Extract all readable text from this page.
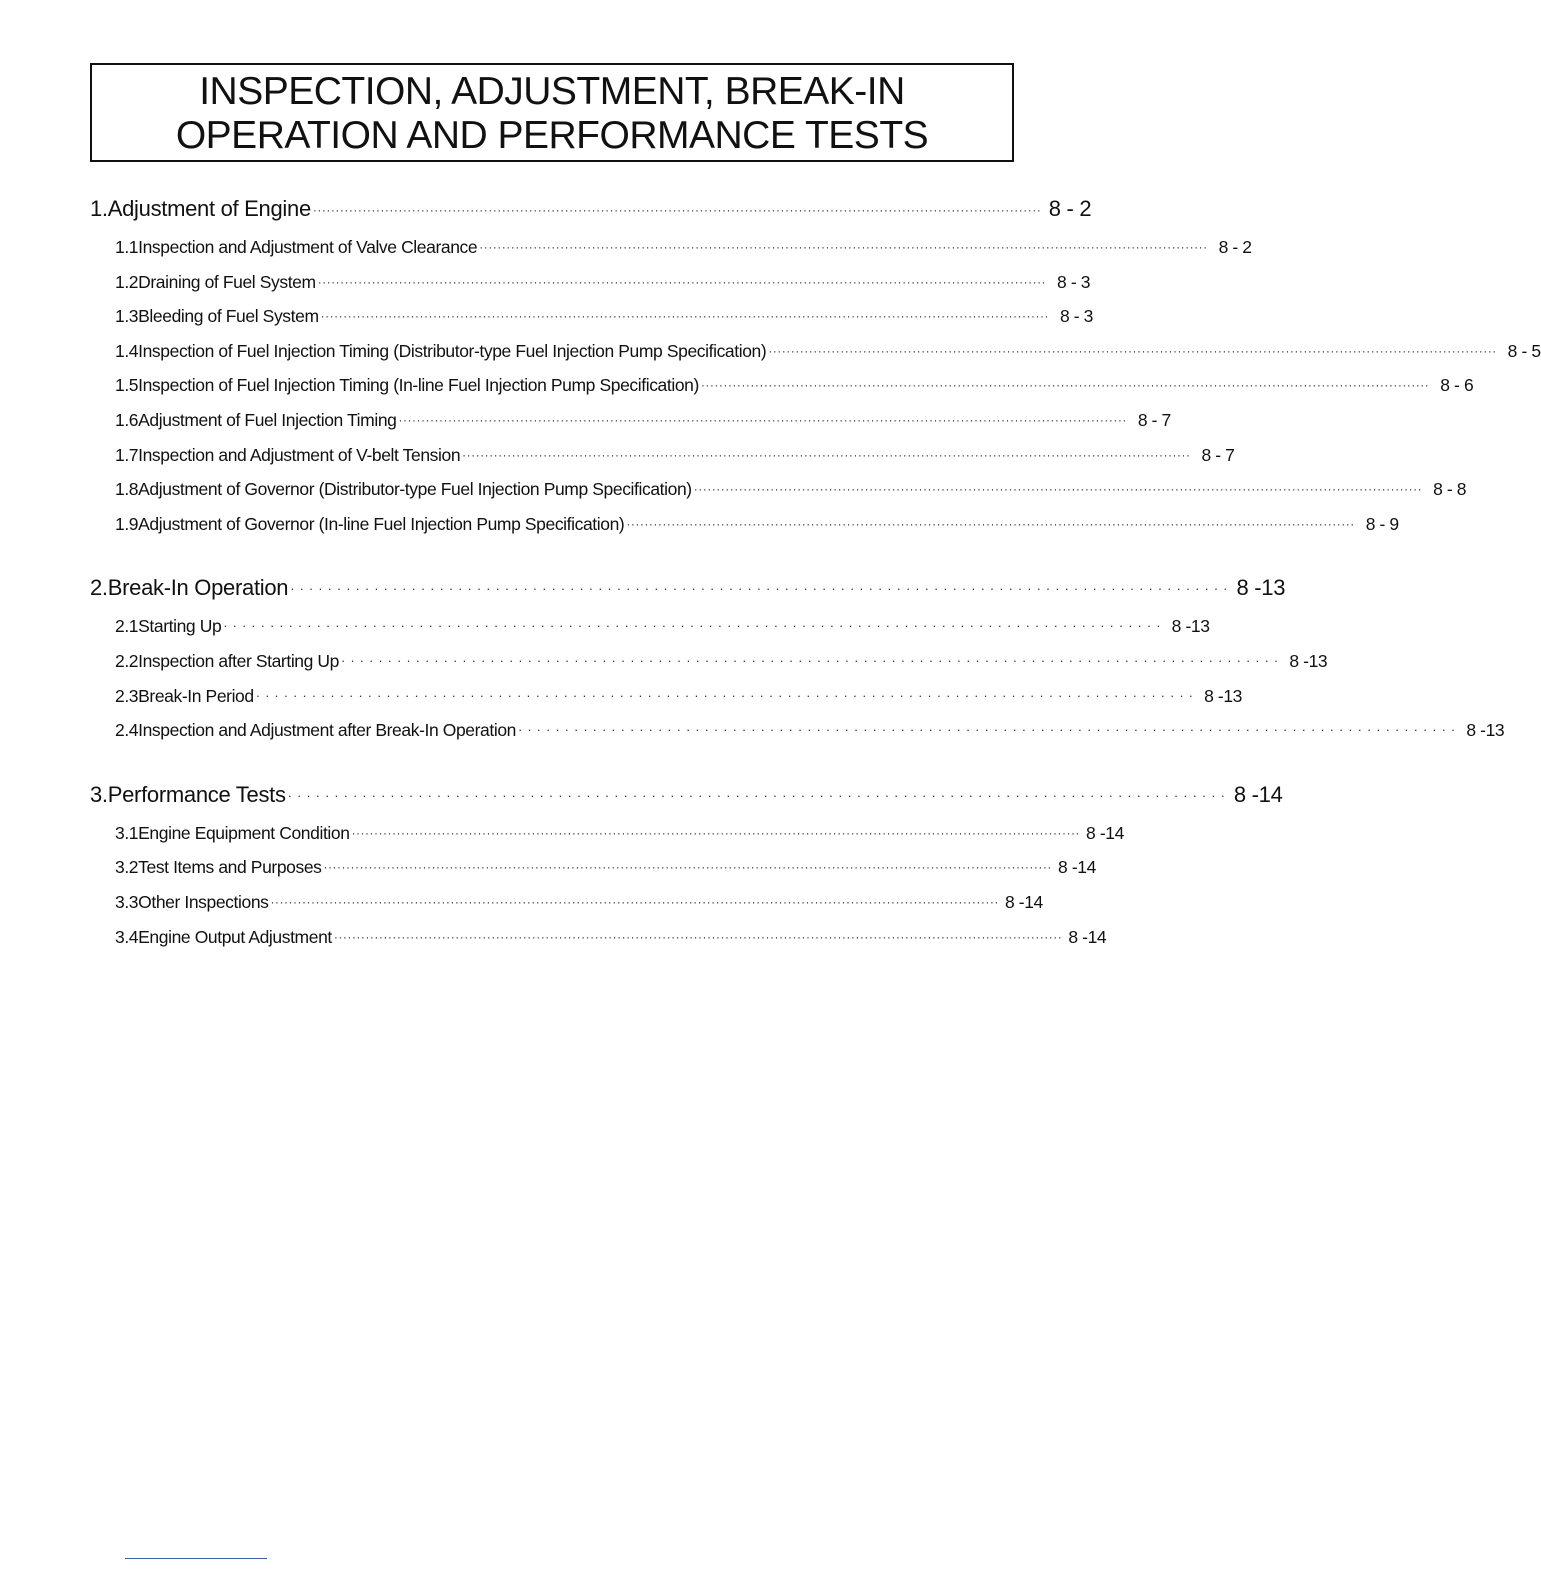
INSPECTION, ADJUSTMENT, BREAK-IN
OPERATION AND PERFORMANCE TESTS
1. Adjustment of Engine ·································································································································································· 8 - 2
1.1 Inspection and Adjustment of Valve Clearance ·································································································································································· 8 - 2
1.2 Draining of Fuel System ·································································································································································· 8 - 3
1.3 Bleeding of Fuel System ·································································································································································· 8 - 3
1.4 Inspection of Fuel Injection Timing (Distributor-type Fuel Injection Pump Specification) ·································································································································································· 8 - 5
1.5 Inspection of Fuel Injection Timing (In-line Fuel Injection Pump Specification) ·································································································································································· 8 - 6
1.6 Adjustment of Fuel Injection Timing ·································································································································································· 8 - 7
1.7 Inspection and Adjustment of V-belt Tension ·································································································································································· 8 - 7
1.8 Adjustment of Governor (Distributor-type Fuel Injection Pump Specification) ·································································································································································· 8 - 8
1.9 Adjustment of Governor (In-line Fuel Injection Pump Specification) ·································································································································································· 8 - 9
2. Break-In Operation ····································································································· 8 -13
2.1 Starting Up ····································································································· 8 -13
2.2 Inspection after Starting Up ····································································································· 8 -13
2.3 Break-In Period ····································································································· 8 -13
2.4 Inspection and Adjustment after Break-In Operation ····································································································· 8 -13
3. Performance Tests ····································································································· 8 -14
3.1 Engine Equipment Condition ·································································································································································· 8 -14
3.2 Test Items and Purposes ·································································································································································· 8 -14
3.3 Other Inspections ·································································································································································· 8 -14
3.4 Engine Output Adjustment ·································································································································································· 8 -14
